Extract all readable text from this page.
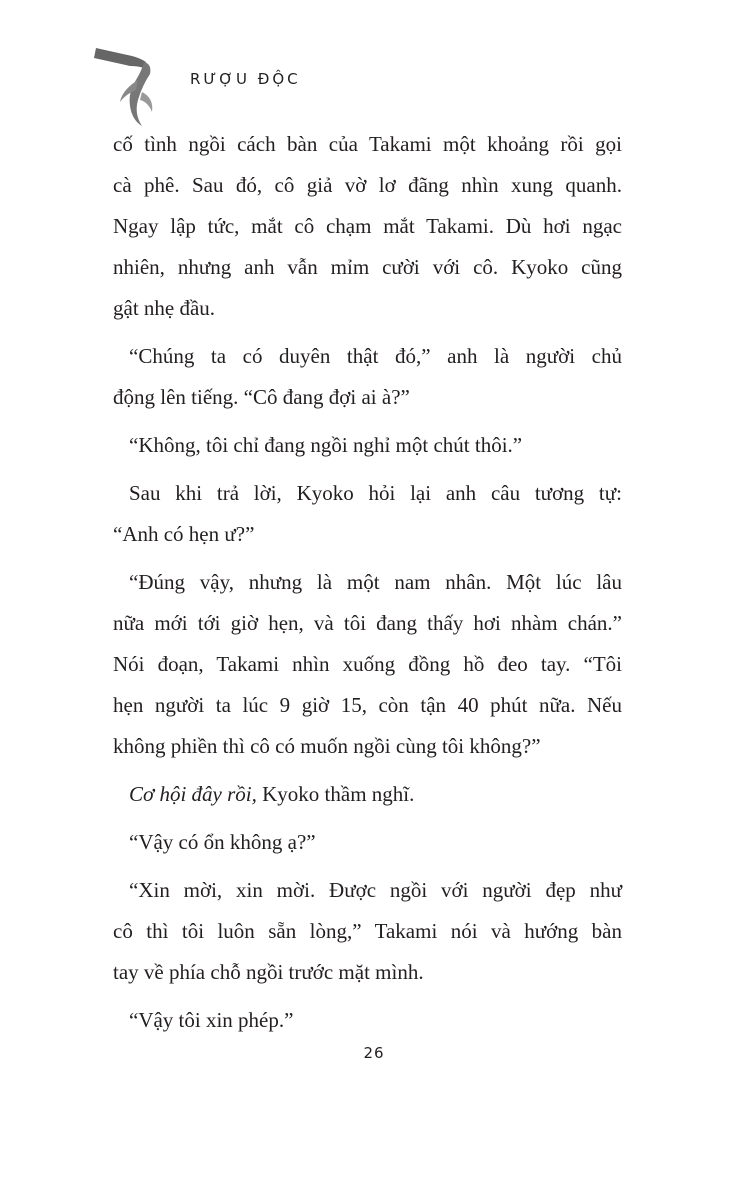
RƯỢU ĐỘC
cố tình ngồi cách bàn của Takami một khoảng rồi gọi
cà phê. Sau đó, cô giả vờ lơ đãng nhìn xung quanh.
Ngay lập tức, mắt cô chạm mắt Takami. Dù hơi ngạc
nhiên, nhưng anh vẫn mỉm cười với cô. Kyoko cũng
gật nhẹ đầu.
“Chúng ta có duyên thật đó,” anh là người chủ
động lên tiếng. “Cô đang đợi ai à?”
“Không, tôi chỉ đang ngồi nghỉ một chút thôi.”
Sau khi trả lời, Kyoko hỏi lại anh câu tương tự:
“Anh có hẹn ư?”
“Đúng vậy, nhưng là một nam nhân. Một lúc lâu
nữa mới tới giờ hẹn, và tôi đang thấy hơi nhàm chán.”
Nói đoạn, Takami nhìn xuống đồng hồ đeo tay. “Tôi
hẹn người ta lúc 9 giờ 15, còn tận 40 phút nữa. Nếu
không phiền thì cô có muốn ngồi cùng tôi không?”
Cơ hội đây rồi, Kyoko thầm nghĩ.
“Vậy có ổn không ạ?”
“Xin mời, xin mời. Được ngồi với người đẹp như
cô thì tôi luôn sẵn lòng,” Takami nói và hướng bàn
tay về phía chỗ ngồi trước mặt mình.
“Vậy tôi xin phép.”
26
